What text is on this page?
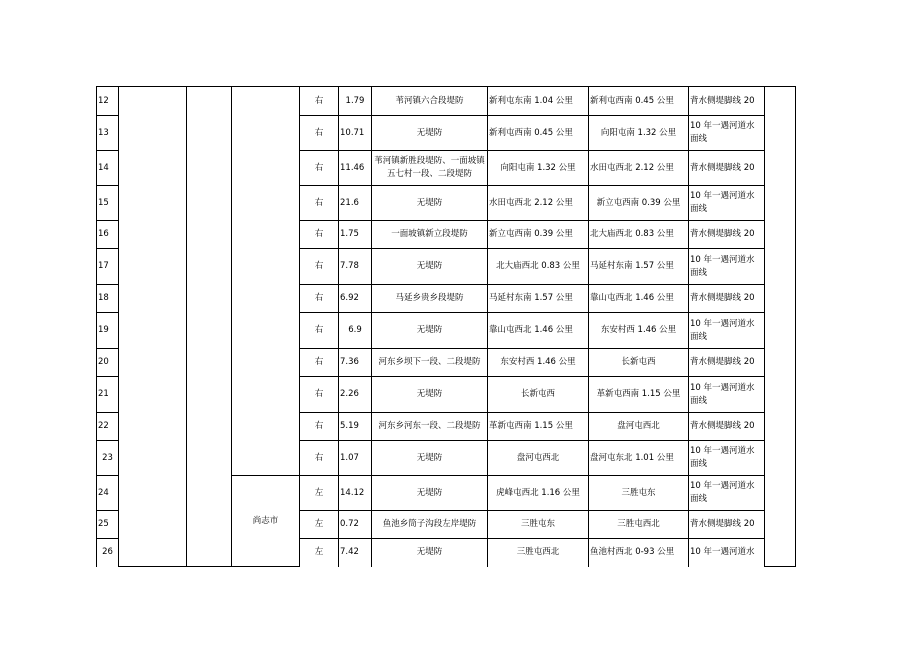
12				右	1.79	苇河镇六合段堤防	新利屯东南 1.04 公里	新利屯西南 0.45 公里	背水侧堤脚线 20	
13				右	10.71	无堤防	新利屯西南 0.45 公里	向阳屯南 1.32 公里	10 年一遇河道水面线	
14				右	11.46	苇河镇新胜段堤防、一面坡镇五七村一段、二段堤防	向阳屯南 1.32 公里	水田屯西北 2.12 公里	背水侧堤脚线 20	
15				右	21.6	无堤防	水田屯西北 2.12 公里	新立屯西南 0.39 公里	10 年一遇河道水面线	
16				右	1.75	一面坡镇新立段堤防	新立屯西南 0.39 公里	北大庙西北 0.83 公里	背水侧堤脚线 20	
17				右	7.78	无堤防	北大庙西北 0.83 公里	马延村东南 1.57 公里	10 年一遇河道水面线	
18				右	6.92	马延乡贵乡段堤防	马延村东南 1.57 公里	靠山屯西北 1.46 公里	背水侧堤脚线 20	
19				右	6.9	无堤防	靠山屯西北 1.46 公里	东安村西 1.46 公里	10 年一遇河道水面线	
20				右	7.36	河东乡坝下一段、二段堤防	东安村西 1.46 公里	长新屯西	背水侧堤脚线 20	
21				右	2.26	无堤防	长新屯西	革新屯西南 1.15 公里	10 年一遇河道水面线	
22				右	5.19	河东乡河东一段、二段堤防	革新屯西南 1.15 公里	盘河屯西北	背水侧堤脚线 20	
23				右	1.07	无堤防	盘河屯西北	盘河屯东北 1.01 公里	10 年一遇河道水面线	
24			尚志市	左	14.12	无堤防	虎峰屯西北 1.16 公里	三胜屯东	10 年一遇河道水面线	
25				左	0.72	鱼池乡筒子沟段左岸堤防	三胜屯东	三胜屯西北	背水侧堤脚线 20	
26				左	7.42	无堤防	三胜屯西北	鱼池村西北 0-93 公里	10 年一遇河道水	
